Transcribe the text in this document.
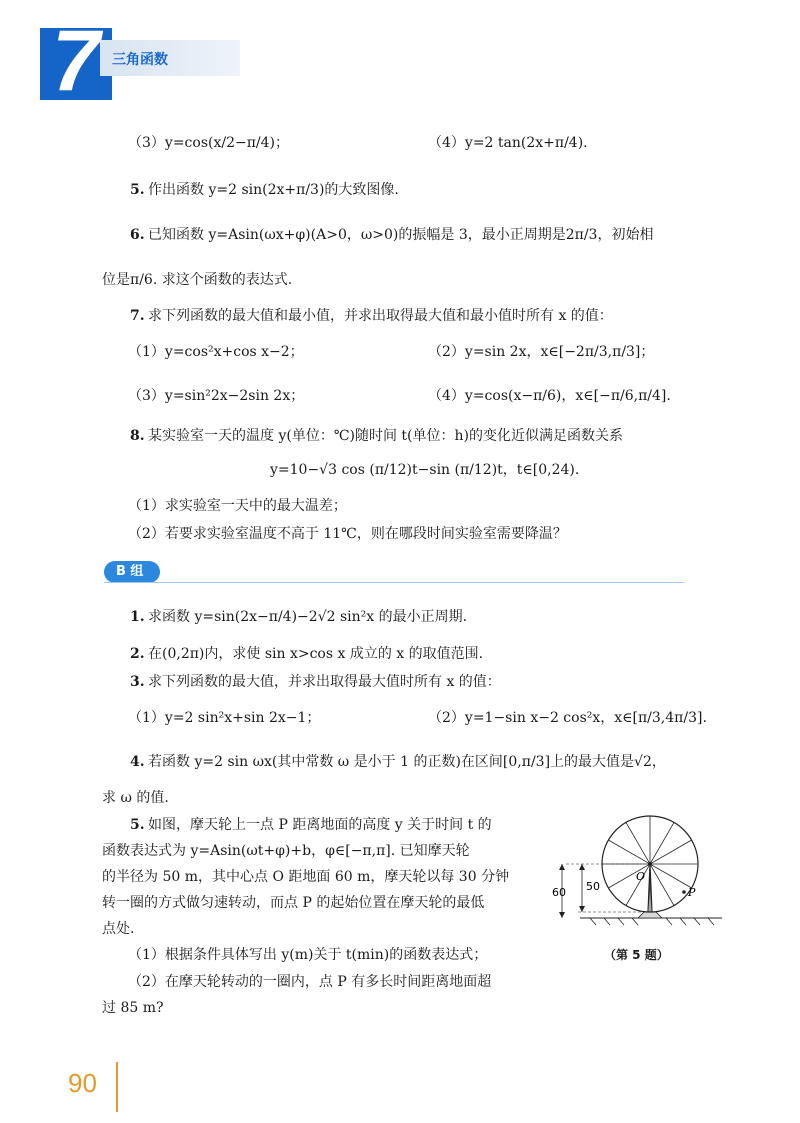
7 三角函数
（3）y=cos(x/2−π/4)；	（4）y=2 tan(2x+π/4).
5. 作出函数 y=2 sin(2x+π/3)的大致图像.
6. 已知函数 y=Asin(ωx+φ)(A>0，ω>0)的振幅是 3，最小正周期是2π/3，初始相
位是π/6. 求这个函数的表达式.
7. 求下列函数的最大值和最小值，并求出取得最大值和最小值时所有 x 的值：
（1）y=cos²x+cos x−2；	（2）y=sin 2x，x∈[−2π/3,π/3]；
（3）y=sin²2x−2sin 2x；	（4）y=cos(x−π/6)，x∈[−π/6,π/4].
8. 某实验室一天的温度 y(单位：℃)随时间 t(单位：h)的变化近似满足函数关系
y=10−√3 cos (π/12)t−sin (π/12)t，t∈[0,24).
（1）求实验室一天中的最大温差；
（2）若要求实验室温度不高于 11℃，则在哪段时间实验室需要降温？
B 组
1. 求函数 y=sin(2x−π/4)−2√2 sin²x 的最小正周期.
2. 在(0,2π)内，求使 sin x>cos x 成立的 x 的取值范围.
3. 求下列函数的最大值，并求出取得最大值时所有 x 的值：
（1）y=2 sin²x+sin 2x−1；	（2）y=1−sin x−2 cos²x，x∈[π/3,4π/3].
4. 若函数 y=2 sin ωx(其中常数 ω 是小于 1 的正数)在区间[0,π/3]上的最大值是√2，
求 ω 的值.
5. 如图，摩天轮上一点 P 距离地面的高度 y 关于时间 t 的
函数表达式为 y=Asin(ωt+φ)+b，φ∈[−π,π]. 已知摩天轮
的半径为 50 m，其中心点 O 距地面 60 m，摩天轮以每 30 分钟
转一圈的方式做匀速转动，而点 P 的起始位置在摩天轮的最低
点处.
（1）根据条件具体写出 y(m)关于 t(min)的函数表达式；
（2）在摩天轮转动的一圈内，点 P 有多长时间距离地面超
过 85 m?
60 50
O
P
（第 5 题）
90
